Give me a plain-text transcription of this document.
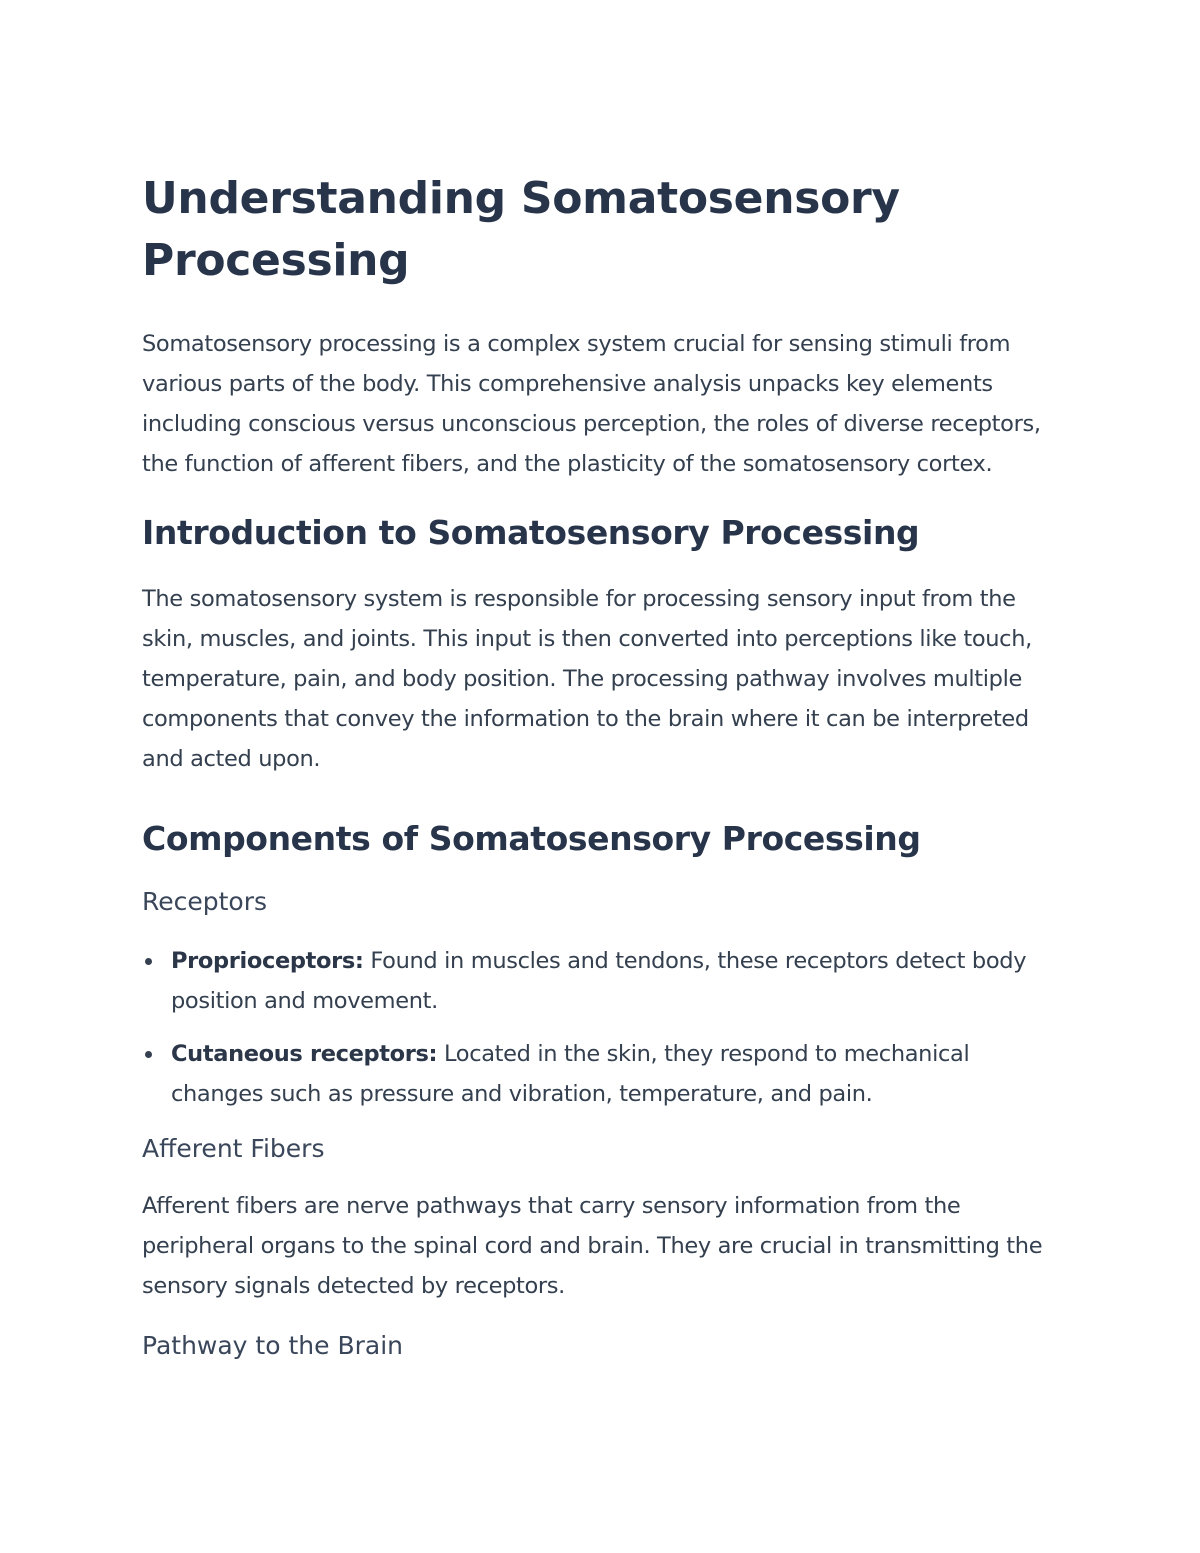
Understanding Somatosensory Processing

Somatosensory processing is a complex system crucial for sensing stimuli from various parts of the body. This comprehensive analysis unpacks key elements including conscious versus unconscious perception, the roles of diverse receptors, the function of afferent fibers, and the plasticity of the somatosensory cortex.

Introduction to Somatosensory Processing

The somatosensory system is responsible for processing sensory input from the skin, muscles, and joints. This input is then converted into perceptions like touch, temperature, pain, and body position. The processing pathway involves multiple components that convey the information to the brain where it can be interpreted and acted upon.

Components of Somatosensory Processing
Receptors
Proprioceptors: Found in muscles and tendons, these receptors detect body position and movement.
Cutaneous receptors: Located in the skin, they respond to mechanical changes such as pressure and vibration, temperature, and pain.
Afferent Fibers

Afferent fibers are nerve pathways that carry sensory information from the peripheral organs to the spinal cord and brain. They are crucial in transmitting the sensory signals detected by receptors.

Pathway to the Brain
